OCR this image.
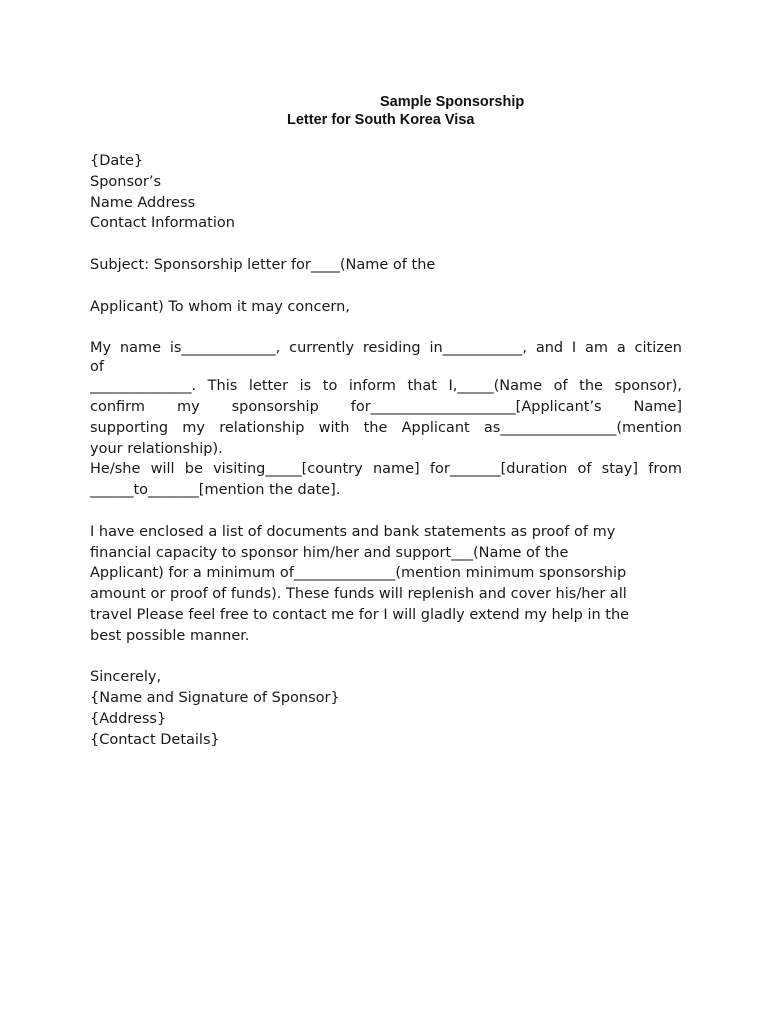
Sample Sponsorship
Letter for South Korea Visa
{Date}
Sponsor’s
Name Address
Contact Information
Subject: Sponsorship letter for____(Name of the
Applicant) To whom it may concern,
My name is_____________, currently residing in___________, and I am a citizen
of
______________. This letter is to inform that I,_____(Name of the sponsor),
confirm my sponsorship for____________________[Applicant’s Name]
supporting my relationship with the Applicant as________________(mention
your relationship).
He/she will be visiting_____[country name] for_______[duration of stay] from
______to_______[mention the date].
I have enclosed a list of documents and bank statements as proof of my
financial capacity to sponsor him/her and support___(Name of the
Applicant) for a minimum of______________(mention minimum sponsorship
amount or proof of funds). These funds will replenish and cover his/her all
travel Please feel free to contact me for I will gladly extend my help in the
best possible manner.
Sincerely,
{Name and Signature of Sponsor}
{Address}
{Contact Details}
